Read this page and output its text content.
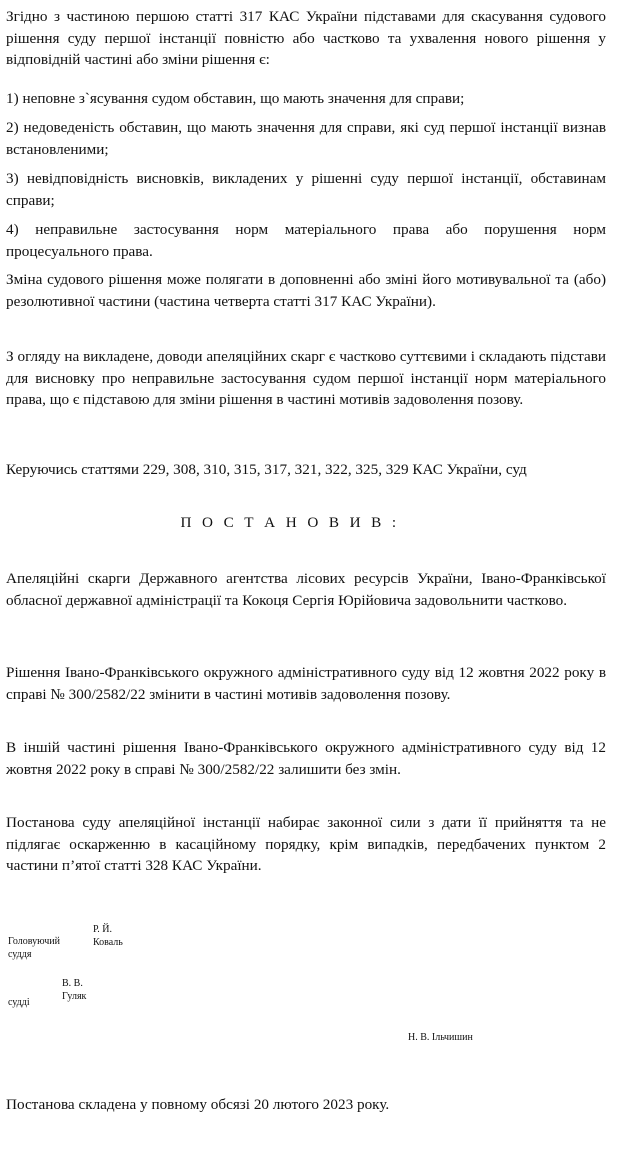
Згідно з частиною першою статті 317 КАС України підставами для скасування судового рішення суду першої інстанції повністю або частково та ухвалення нового рішення у відповідній частині або зміни рішення є:

1) неповне з`ясування судом обставин, що мають значення для справи;

2) недоведеність обставин, що мають значення для справи, які суд першої інстанції визнав встановленими;

3) невідповідність висновків, викладених у рішенні суду першої інстанції, обставинам справи;

4) неправильне застосування норм матеріального права або порушення норм процесуального права.

Зміна судового рішення може полягати в доповненні або зміні його мотивувальної та (або) резолютивної частини (частина четверта статті 317 КАС України).

З огляду на викладене, доводи апеляційних скарг є частково суттєвими і складають підстави для висновку про неправильне застосування судом першої інстанції норм матеріального права, що є підставою для зміни рішення в частині мотивів задоволення позову.

Керуючись статтями 229, 308, 310, 315, 317, 321, 322, 325, 329 КАС України, суд

П О С Т А Н О В И В :

Апеляційні скарги Державного агентства лісових ресурсів України, Івано-Франківської обласної державної адміністрації та Кокоця Сергія Юрійовича задовольнити частково.

Рішення Івано-Франківського окружного адміністративного суду від 12 жовтня 2022 року в справі № 300/2582/22 змінити в частині мотивів задоволення позову.

В іншій частині рішення Івано-Франківського окружного адміністративного суду від 12 жовтня 2022 року в справі № 300/2582/22 залишити без змін.

Постанова суду апеляційної інстанції набирає законної сили з дати її прийняття та не підлягає оскарженню в касаційному порядку, крім випадків, передбачених пунктом 2 частини п’ятої статті 328 КАС України.

Головуючий суддя

Р. Й. Коваль

судді

В. В. Гуляк

Н. В. Ільчишин

Постанова складена у повному обсязі 20 лютого 2023 року.
